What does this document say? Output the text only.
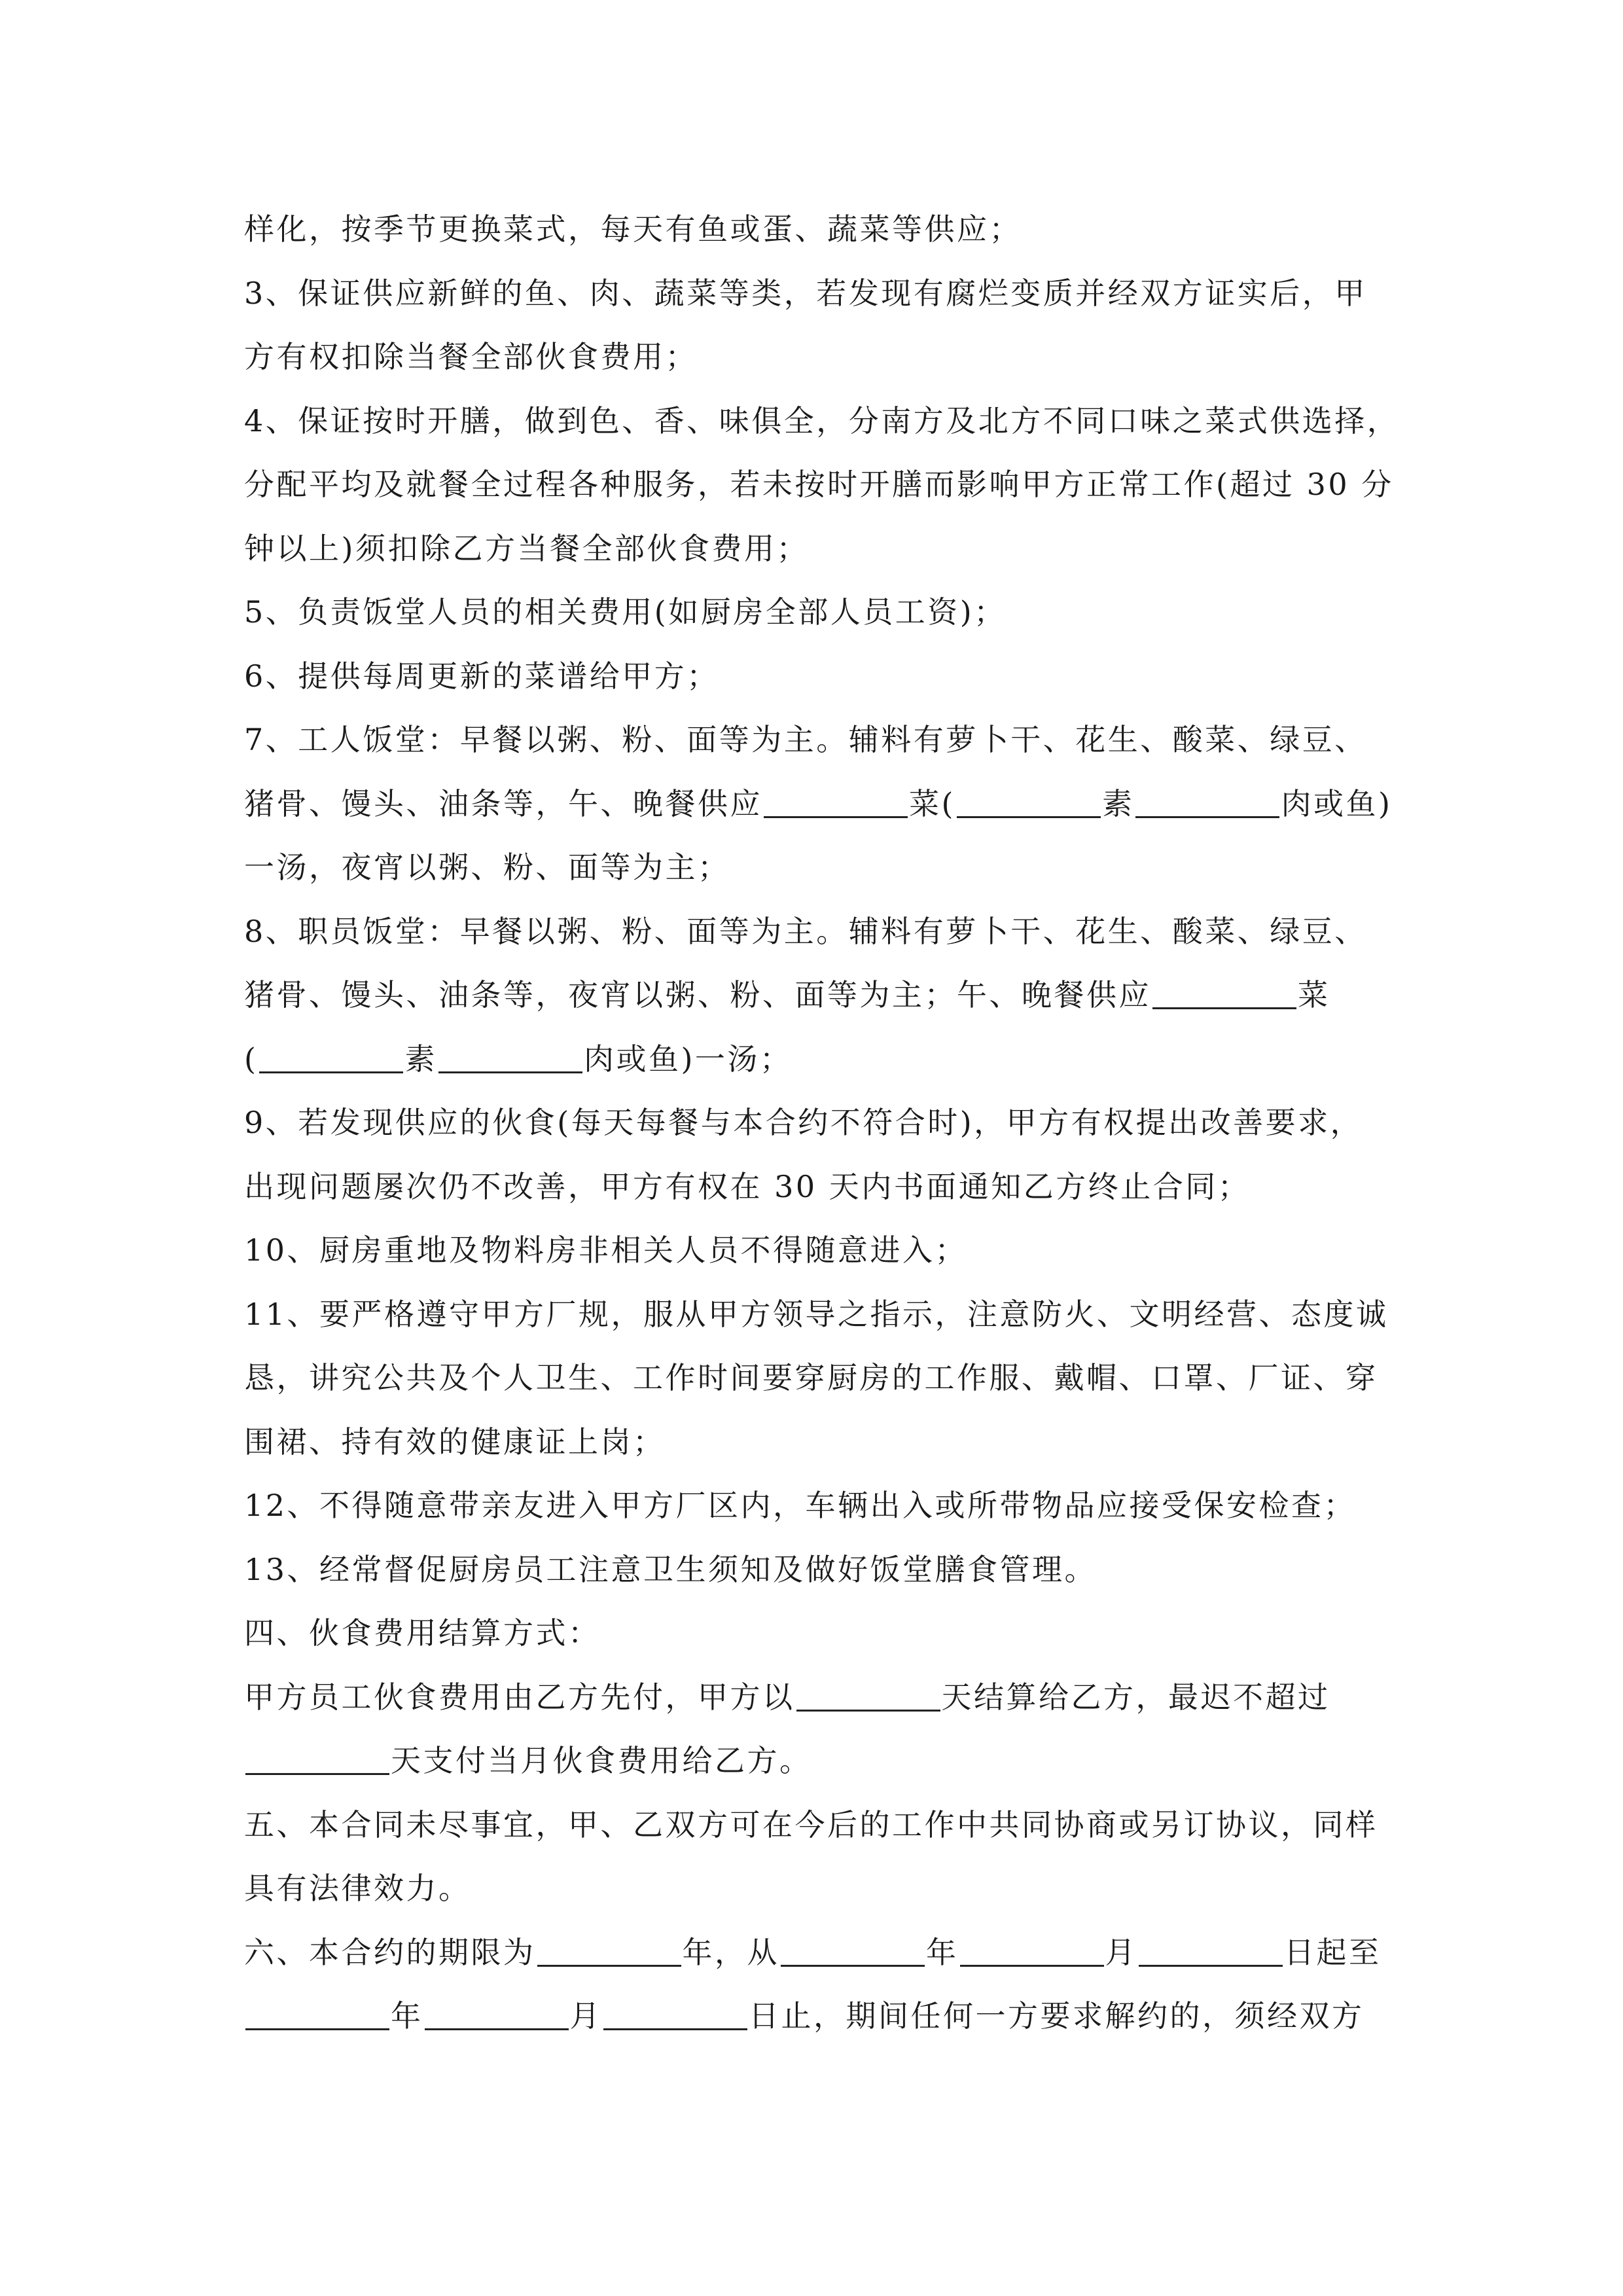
样化，按季节更换菜式，每天有鱼或蛋、蔬菜等供应；
3、保证供应新鲜的鱼、肉、蔬菜等类，若发现有腐烂变质并经双方证实后，甲
方有权扣除当餐全部伙食费用；
4、保证按时开膳，做到色、香、味俱全，分南方及北方不同口味之菜式供选择，
分配平均及就餐全过程各种服务，若未按时开膳而影响甲方正常工作(超过 30 分
钟以上)须扣除乙方当餐全部伙食费用；
5、负责饭堂人员的相关费用(如厨房全部人员工资)；
6、提供每周更新的菜谱给甲方；
7、工人饭堂：早餐以粥、粉、面等为主。辅料有萝卜干、花生、酸菜、绿豆、
猪骨、馒头、油条等，午、晚餐供应	菜(	素	肉或鱼)
一汤，夜宵以粥、粉、面等为主；
8、职员饭堂：早餐以粥、粉、面等为主。辅料有萝卜干、花生、酸菜、绿豆、
猪骨、馒头、油条等，夜宵以粥、粉、面等为主；午、晚餐供应	菜
(	素	肉或鱼)一汤；
9、若发现供应的伙食(每天每餐与本合约不符合时)，甲方有权提出改善要求，
出现问题屡次仍不改善，甲方有权在 30 天内书面通知乙方终止合同；
10、厨房重地及物料房非相关人员不得随意进入；
11、要严格遵守甲方厂规，服从甲方领导之指示，注意防火、文明经营、态度诚
恳，讲究公共及个人卫生、工作时间要穿厨房的工作服、戴帽、口罩、厂证、穿
围裙、持有效的健康证上岗；
12、不得随意带亲友进入甲方厂区内，车辆出入或所带物品应接受保安检查；
13、经常督促厨房员工注意卫生须知及做好饭堂膳食管理。
四、伙食费用结算方式：
甲方员工伙食费用由乙方先付，甲方以	天结算给乙方，最迟不超过
天支付当月伙食费用给乙方。
五、本合同未尽事宜，甲、乙双方可在今后的工作中共同协商或另订协议，同样
具有法律效力。
六、本合约的期限为	年，从	年	月	日起至
年	月	日止，期间任何一方要求解约的，须经双方
